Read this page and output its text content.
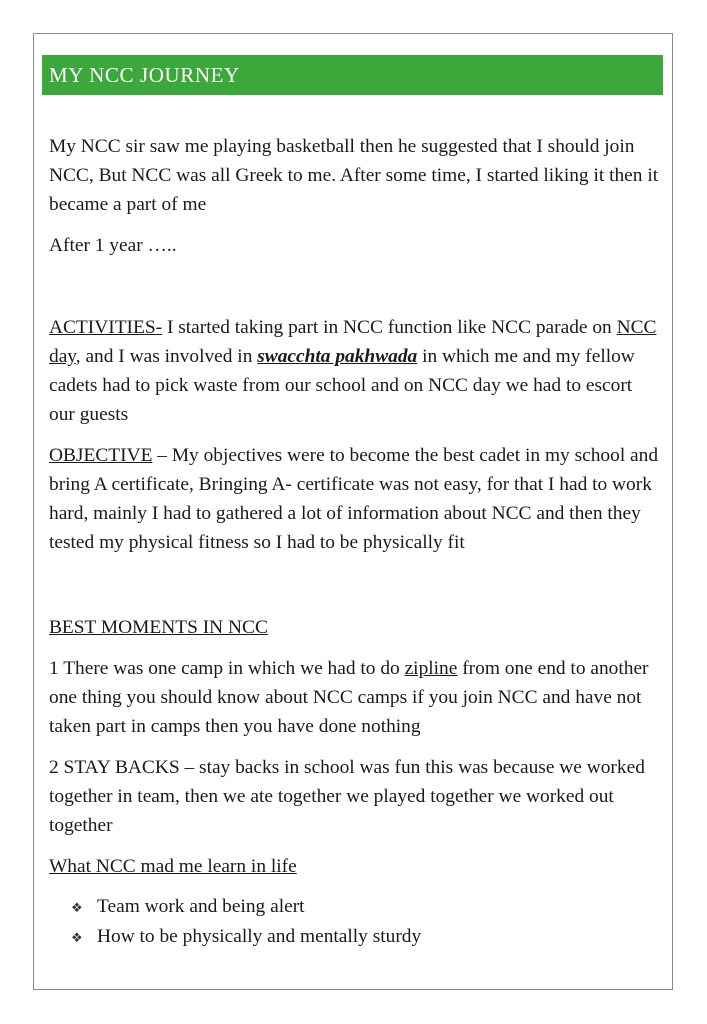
MY NCC JOURNEY

My NCC sir saw me playing basketball then he suggested that I should join NCC, But NCC was all Greek to me. After some time, I started liking it then it became a part of me

After 1 year …..

ACTIVITIES- I started taking part in NCC function like NCC parade on NCC day, and I was involved in swacchta pakhwada in which me and my fellow cadets had to pick waste from our school and on NCC day we had to escort our guests

OBJECTIVE – My objectives were to become the best cadet in my school and bring A certificate, Bringing A- certificate was not easy, for that I had to work hard, mainly I had to gathered a lot of information about NCC and then they tested my physical fitness so I had to be physically fit

BEST MOMENTS IN NCC

1 There was one camp in which we had to do zipline from one end to another one thing you should know about NCC camps if you join NCC and have not taken part in camps then you have done nothing

2 STAY BACKS – stay backs in school was fun this was because we worked together in team, then we ate together we played together we worked out together

What NCC mad me learn in life

❖ Team work and being alert
❖ How to be physically and mentally sturdy
